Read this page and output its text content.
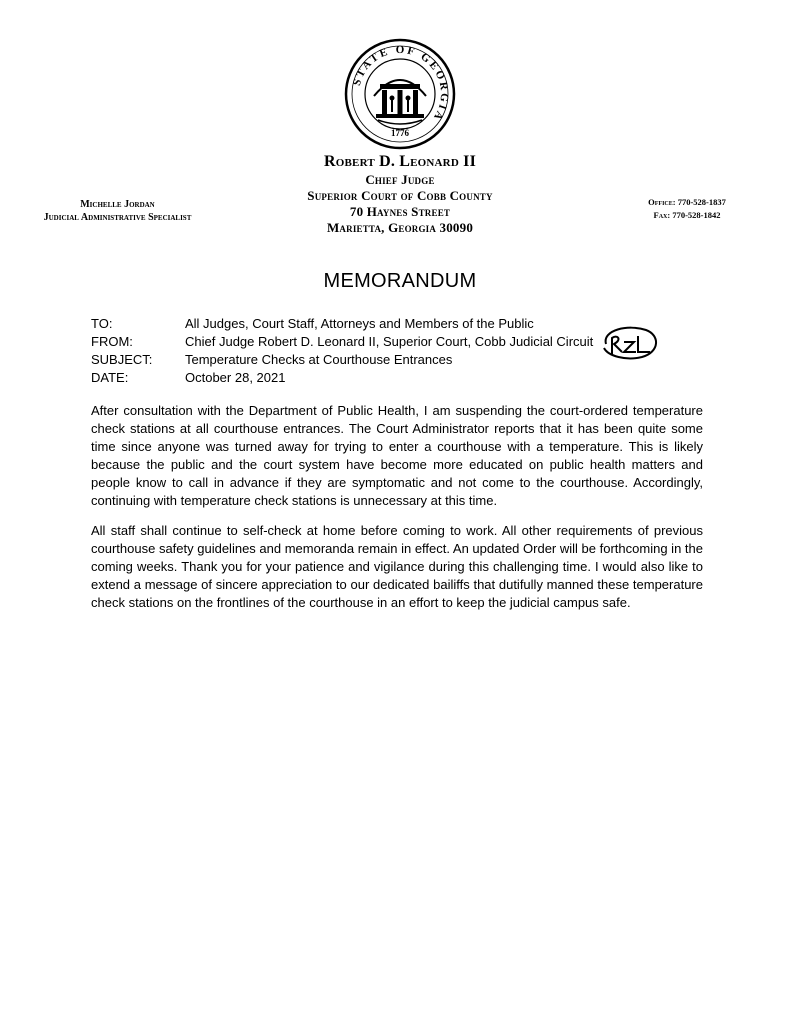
STATE OF GEORGIA
1776
Robert D. Leonard II
Chief Judge
Superior Court of Cobb County
70 Haynes Street
Marietta, Georgia 30090
Michelle Jordan
Judicial Administrative Specialist
Office: 770-528-1837
Fax: 770-528-1842
MEMORANDUM
TO:	All Judges, Court Staff, Attorneys and Members of the Public
FROM:	Chief Judge Robert D. Leonard II, Superior Court, Cobb Judicial Circuit
SUBJECT:	Temperature Checks at Courthouse Entrances
DATE:	October 28, 2021

After consultation with the Department of Public Health, I am suspending the court-ordered temperature check stations at all courthouse entrances. The Court Administrator reports that it has been quite some time since anyone was turned away for trying to enter a courthouse with a temperature. This is likely because the public and the court system have become more educated on public health matters and people know to call in advance if they are symptomatic and not come to the courthouse. Accordingly, continuing with temperature check stations is unnecessary at this time.

All staff shall continue to self-check at home before coming to work. All other requirements of previous courthouse safety guidelines and memoranda remain in effect. An updated Order will be forthcoming in the coming weeks. Thank you for your patience and vigilance during this challenging time. I would also like to extend a message of sincere appreciation to our dedicated bailiffs that dutifully manned these temperature check stations on the frontlines of the courthouse in an effort to keep the judicial campus safe.
